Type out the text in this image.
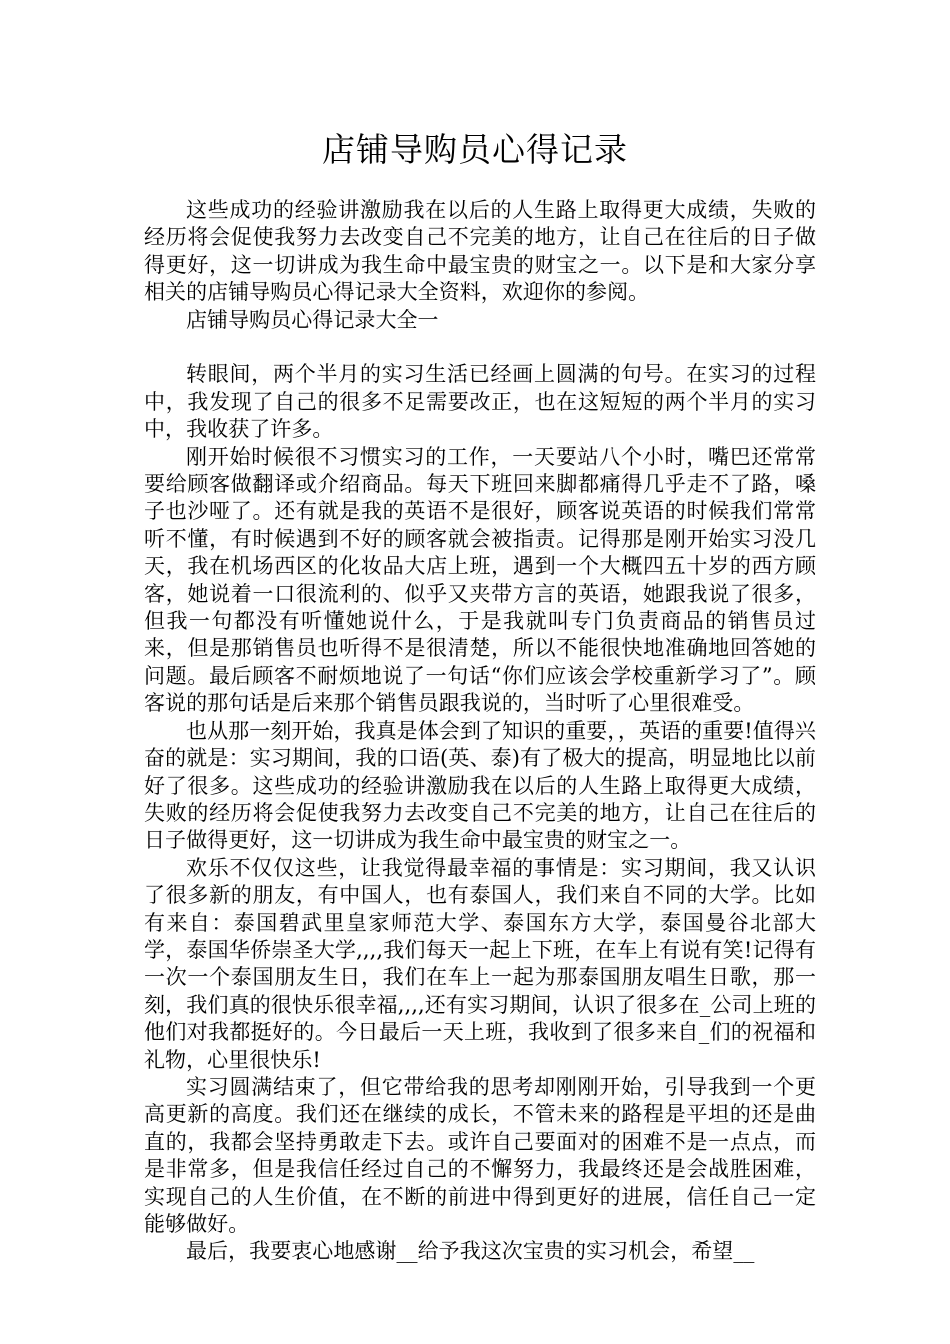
店铺导购员心得记录

这些成功的经验讲激励我在以后的人生路上取得更大成绩，失败的经历将会促使我努力去改变自己不完美的地方，让自己在往后的日子做得更好，这一切讲成为我生命中最宝贵的财宝之一。以下是和大家分享相关的店铺导购员心得记录大全资料，欢迎你的参阅。

店铺导购员心得记录大全一

转眼间，两个半月的实习生活已经画上圆满的句号。在实习的过程中，我发现了自己的很多不足需要改正，也在这短短的两个半月的实习中，我收获了许多。

刚开始时候很不习惯实习的工作，一天要站八个小时，嘴巴还常常要给顾客做翻译或介绍商品。每天下班回来脚都痛得几乎走不了路，嗓子也沙哑了。还有就是我的英语不是很好，顾客说英语的时候我们常常听不懂，有时候遇到不好的顾客就会被指责。记得那是刚开始实习没几天，我在机场西区的化妆品大店上班，遇到一个大概四五十岁的西方顾客，她说着一口很流利的、似乎又夹带方言的英语，她跟我说了很多，但我一句都没有听懂她说什么，于是我就叫专门负责商品的销售员过来，但是那销售员也听得不是很清楚，所以不能很快地准确地回答她的问题。最后顾客不耐烦地说了一句话“你们应该会学校重新学习了”。顾客说的那句话是后来那个销售员跟我说的，当时听了心里很难受。

也从那一刻开始，我真是体会到了知识的重要，，英语的重要!值得兴奋的就是：实习期间，我的口语(英、泰)有了极大的提高，明显地比以前好了很多。这些成功的经验讲激励我在以后的人生路上取得更大成绩，失败的经历将会促使我努力去改变自己不完美的地方，让自己在往后的日子做得更好，这一切讲成为我生命中最宝贵的财宝之一。

欢乐不仅仅这些，让我觉得最幸福的事情是：实习期间，我又认识了很多新的朋友，有中国人，也有泰国人，我们来自不同的大学。比如有来自：泰国碧武里皇家师范大学、泰国东方大学，泰国曼谷北部大学，泰国华侨崇圣大学,,,,我们每天一起上下班，在车上有说有笑!记得有一次一个泰国朋友生日，我们在车上一起为那泰国朋友唱生日歌，那一刻，我们真的很快乐很幸福,,,,还有实习期间，认识了很多在_公司上班的他们对我都挺好的。今日最后一天上班，我收到了很多来自_们的祝福和礼物，心里很快乐!

实习圆满结束了，但它带给我的思考却刚刚开始，引导我到一个更高更新的高度。我们还在继续的成长，不管未来的路程是平坦的还是曲直的，我都会坚持勇敢走下去。或许自己要面对的困难不是一点点，而是非常多，但是我信任经过自己的不懈努力，我最终还是会战胜困难，实现自己的人生价值，在不断的前进中得到更好的进展，信任自己一定能够做好。

最后，我要衷心地感谢__给予我这次宝贵的实习机会，希望__
